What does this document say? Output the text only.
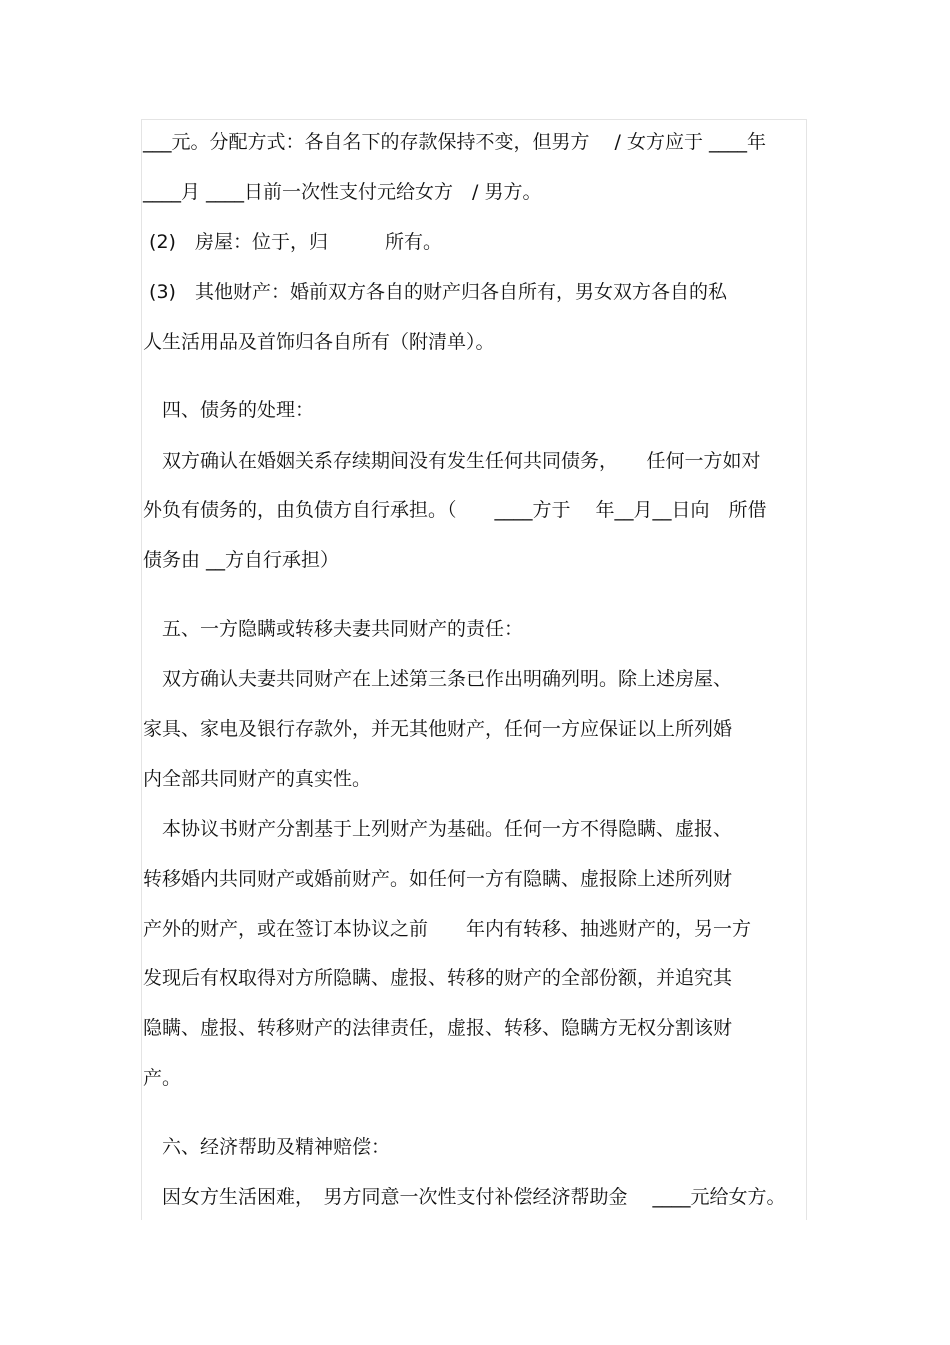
___元。分配方式：各自名下的存款保持不变，但男方　 / 女方应于 ____年
____月 ____日前一次性支付元给女方　/ 男方。
(2)　房屋：位于，归　　　所有。
(3)　其他财产：婚前双方各自的财产归各自所有，男女双方各自的私
人生活用品及首饰归各自所有（附清单）。
　四、债务的处理：
　双方确认在婚姻关系存续期间没有发生任何共同债务，　　任何一方如对
外负有债务的，由负债方自行承担。（　　____方于　 年__月__日向　所借
债务由 __方自行承担）
　五、一方隐瞒或转移夫妻共同财产的责任：
　双方确认夫妻共同财产在上述第三条已作出明确列明。除上述房屋、
家具、家电及银行存款外，并无其他财产，任何一方应保证以上所列婚
内全部共同财产的真实性。
　本协议书财产分割基于上列财产为基础。任何一方不得隐瞒、虚报、
转移婚内共同财产或婚前财产。如任何一方有隐瞒、虚报除上述所列财
产外的财产，或在签订本协议之前　　年内有转移、抽逃财产的，另一方
发现后有权取得对方所隐瞒、虚报、转移的财产的全部份额，并追究其
隐瞒、虚报、转移财产的法律责任，虚报、转移、隐瞒方无权分割该财
产。
　六、经济帮助及精神赔偿：
　因女方生活困难，　男方同意一次性支付补偿经济帮助金　 ____元给女方。
